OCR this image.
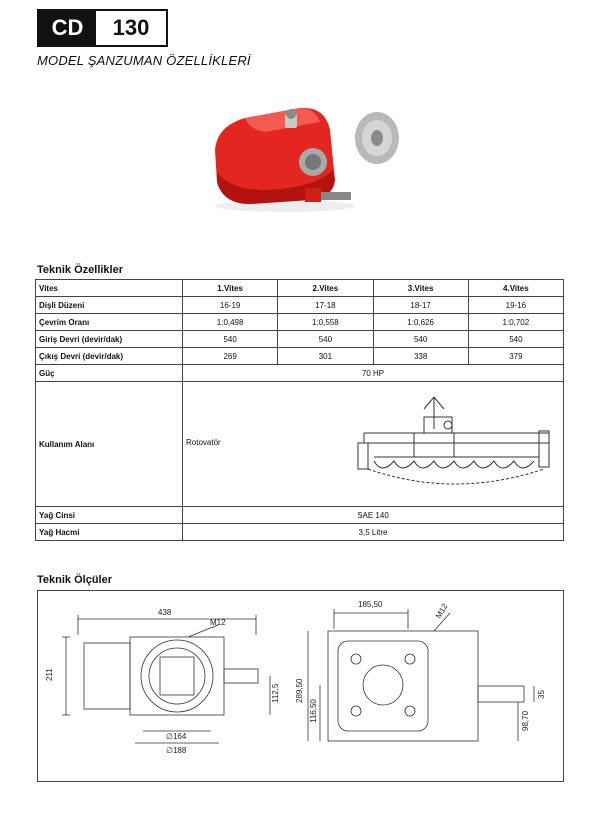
CD	130
MODEL ŞANZUMAN ÖZELLİKLERİ
Teknik Özellikler
Vites	1.Vites	2.Vites	3.Vites	4.Vites
Dişli Düzeni	16-19	17-18	18-17	19-16
Çevrim Oranı	1:0,498	1:0,558	1:0,626	1:0,702
Giriş Devri (devir/dak)	540	540	540	540
Çıkış Devri (devir/dak)	269	301	338	379
Güç	70 HP			
Kullanım Alanı	Rotovatör			

Yağ Cinsi	SAE 140			
Yağ Hacmi	3,5 Litre			
Teknik Ölçüler
438
M12
211
112,5
∅164
∅188
185,50	M12
289,50
116,50
35
98,70
